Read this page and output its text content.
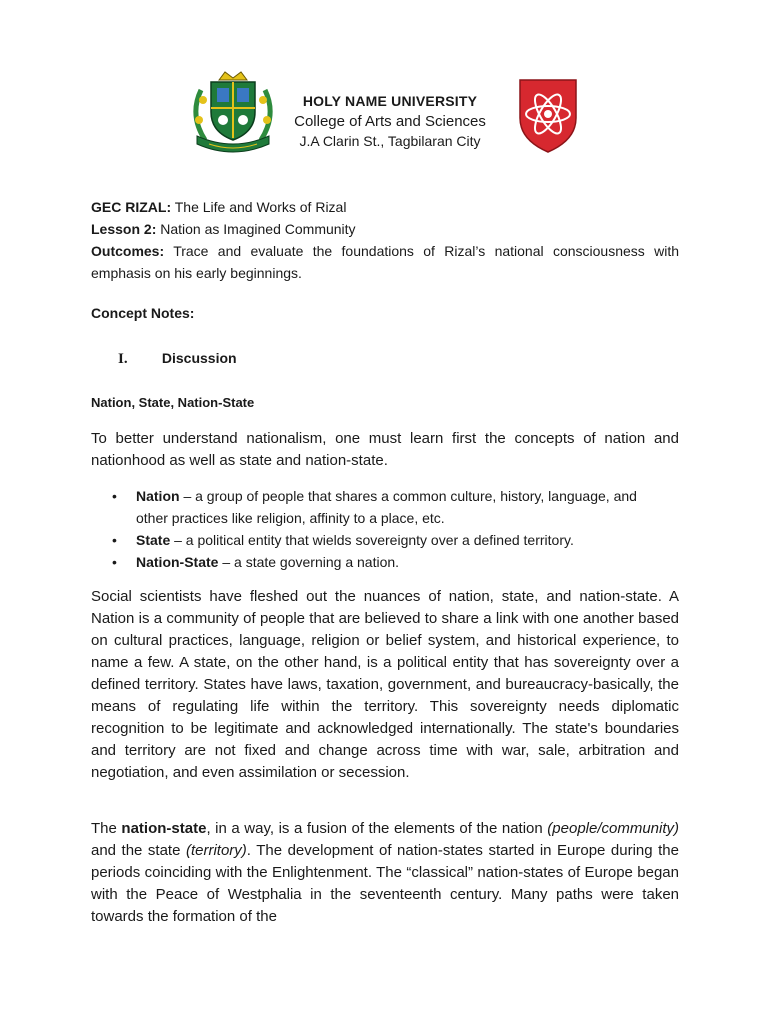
HOLY NAME UNIVERSITY
College of Arts and Sciences
J.A Clarin St., Tagbilaran City
GEC RIZAL: The Life and Works of Rizal
Lesson 2: Nation as Imagined Community
Outcomes: Trace and evaluate the foundations of Rizal’s national consciousness with emphasis on his early beginnings.
Concept Notes:
I. Discussion
Nation, State, Nation-State
To better understand nationalism, one must learn first the concepts of nation and nationhood as well as state and nation-state.
• Nation – a group of people that shares a common culture, history, language, and other practices like religion, affinity to a place, etc.
• State – a political entity that wields sovereignty over a defined territory.
• Nation-State – a state governing a nation.
Social scientists have fleshed out the nuances of nation, state, and nation-state. A Nation is a community of people that are believed to share a link with one another based on cultural practices, language, religion or belief system, and historical experience, to name a few. A state, on the other hand, is a political entity that has sovereignty over a defined territory. States have laws, taxation, government, and bureaucracy-basically, the means of regulating life within the territory. This sovereignty needs diplomatic recognition to be legitimate and acknowledged internationally. The state's boundaries and territory are not fixed and change across time with war, sale, arbitration and negotiation, and even assimilation or secession.
The nation-state, in a way, is a fusion of the elements of the nation (people/community) and the state (territory). The development of nation-states started in Europe during the periods coinciding with the Enlightenment. The “classical” nation-states of Europe began with the Peace of Westphalia in the seventeenth century. Many paths were taken towards the formation of the
